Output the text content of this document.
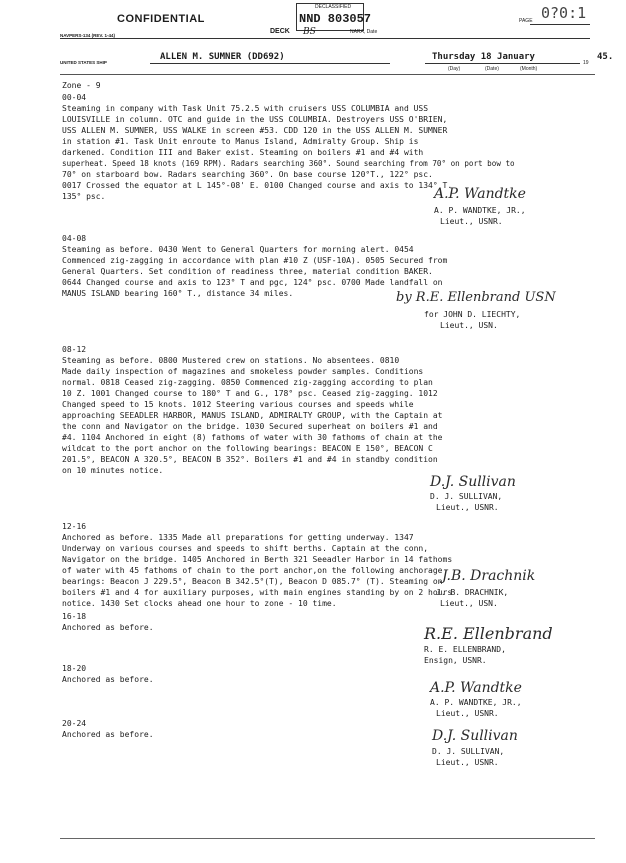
CONFIDENTIAL
NAVPERS-134 (REV. 1-44)
DECLASSIFIED
NND 803057
DECK BS	NARA, Date
PAGE 0?0:1
UNITED STATES SHIP
ALLEN M. SUMNER (DD692)	Thursday 18 January
(Day)	(Date)	(Month)
19
45.
Zone - 9
00-04
Steaming in company with Task Unit 75.2.5 with cruisers USS COLUMBIA and USS
LOUISVILLE in column. OTC and guide in the USS COLUMBIA. Destroyers USS O'BRIEN,
USS ALLEN M. SUMNER, USS WALKE in screen #53. CDD 120 in the USS ALLEN M. SUMNER
in station #1. Task Unit enroute to Manus Island, Admiralty Group. Ship is
darkened. Condition III and Baker exist. Steaming on boilers #1 and #4 with
superheat. Speed 18 knots (169 RPM). Radars searching 360°. Sound searching from 70° on port bow to
70° on starboard bow. Radars searching 360°. On base course 120°T., 122° psc.
0017 Crossed the equator at L 145°-08' E. 0100 Changed course and axis to 134° T.
135° psc.	A.P. Wandtke
A. P. WANDTKE, JR.,
Lieut., USNR.
04-08
Steaming as before. 0430 Went to General Quarters for morning alert. 0454
Commenced zig-zagging in accordance with plan #10 Z (USF-10A). 0505 Secured from
General Quarters. Set condition of readiness three, material condition BAKER.
0644 Changed course and axis to 123° T and pgc, 124° psc. 0700 Made landfall on
MANUS ISLAND bearing 160° T., distance 34 miles.	by R.E. Ellenbrand USN
for JOHN D. LIECHTY,
Lieut., USN.
08-12
Steaming as before. 0800 Mustered crew on stations. No absentees. 0810
Made daily inspection of magazines and smokeless powder samples. Conditions
normal. 0818 Ceased zig-zagging. 0850 Commenced zig-zagging according to plan
10 Z. 1001 Changed course to 180° T and G., 178° psc. Ceased zig-zagging. 1012
Changed speed to 15 knots. 1012 Steering various courses and speeds while
approaching SEEADLER HARBOR, MANUS ISLAND, ADMIRALTY GROUP, with the Captain at
the conn and Navigator on the bridge. 1030 Secured superheat on boilers #1 and
#4. 1104 Anchored in eight (8) fathoms of water with 30 fathoms of chain at the
wildcat to the port anchor on the following bearings: BEACON E 150°, BEACON C
201.5°, BEACON A 320.5°, BEACON B 352°. Boilers #1 and #4 in standby condition
on 10 minutes notice.
D.J. Sullivan
D. J. SULLIVAN,
Lieut., USNR.
12-16
Anchored as before. 1335 Made all preparations for getting underway. 1347
Underway on various courses and speeds to shift berths. Captain at the conn,
Navigator on the bridge. 1405 Anchored in Berth 321 Seeadler Harbor in 14 fathoms
of water with 45 fathoms of chain to the port anchor,on the following anchorage
bearings: Beacon J 229.5°, Beacon B 342.5°(T), Beacon D 085.7° (T). Steaming on
boilers #1 and 4 for auxiliary purposes, with main engines standing by on 2 hours
notice. 1430 Set clocks ahead one hour to zone - 10 time.
J.B. Drachnik
J. B. DRACHNIK,
Lieut., USN.
16-18
Anchored as before.	R.E. Ellenbrand
R. E. ELLENBRAND,
Ensign, USNR.
18-20
Anchored as before.
A.P. Wandtke
A. P. WANDTKE, JR.,
Lieut., USNR.
20-24
Anchored as before.	D.J. Sullivan
D. J. SULLIVAN,
Lieut., USNR.
